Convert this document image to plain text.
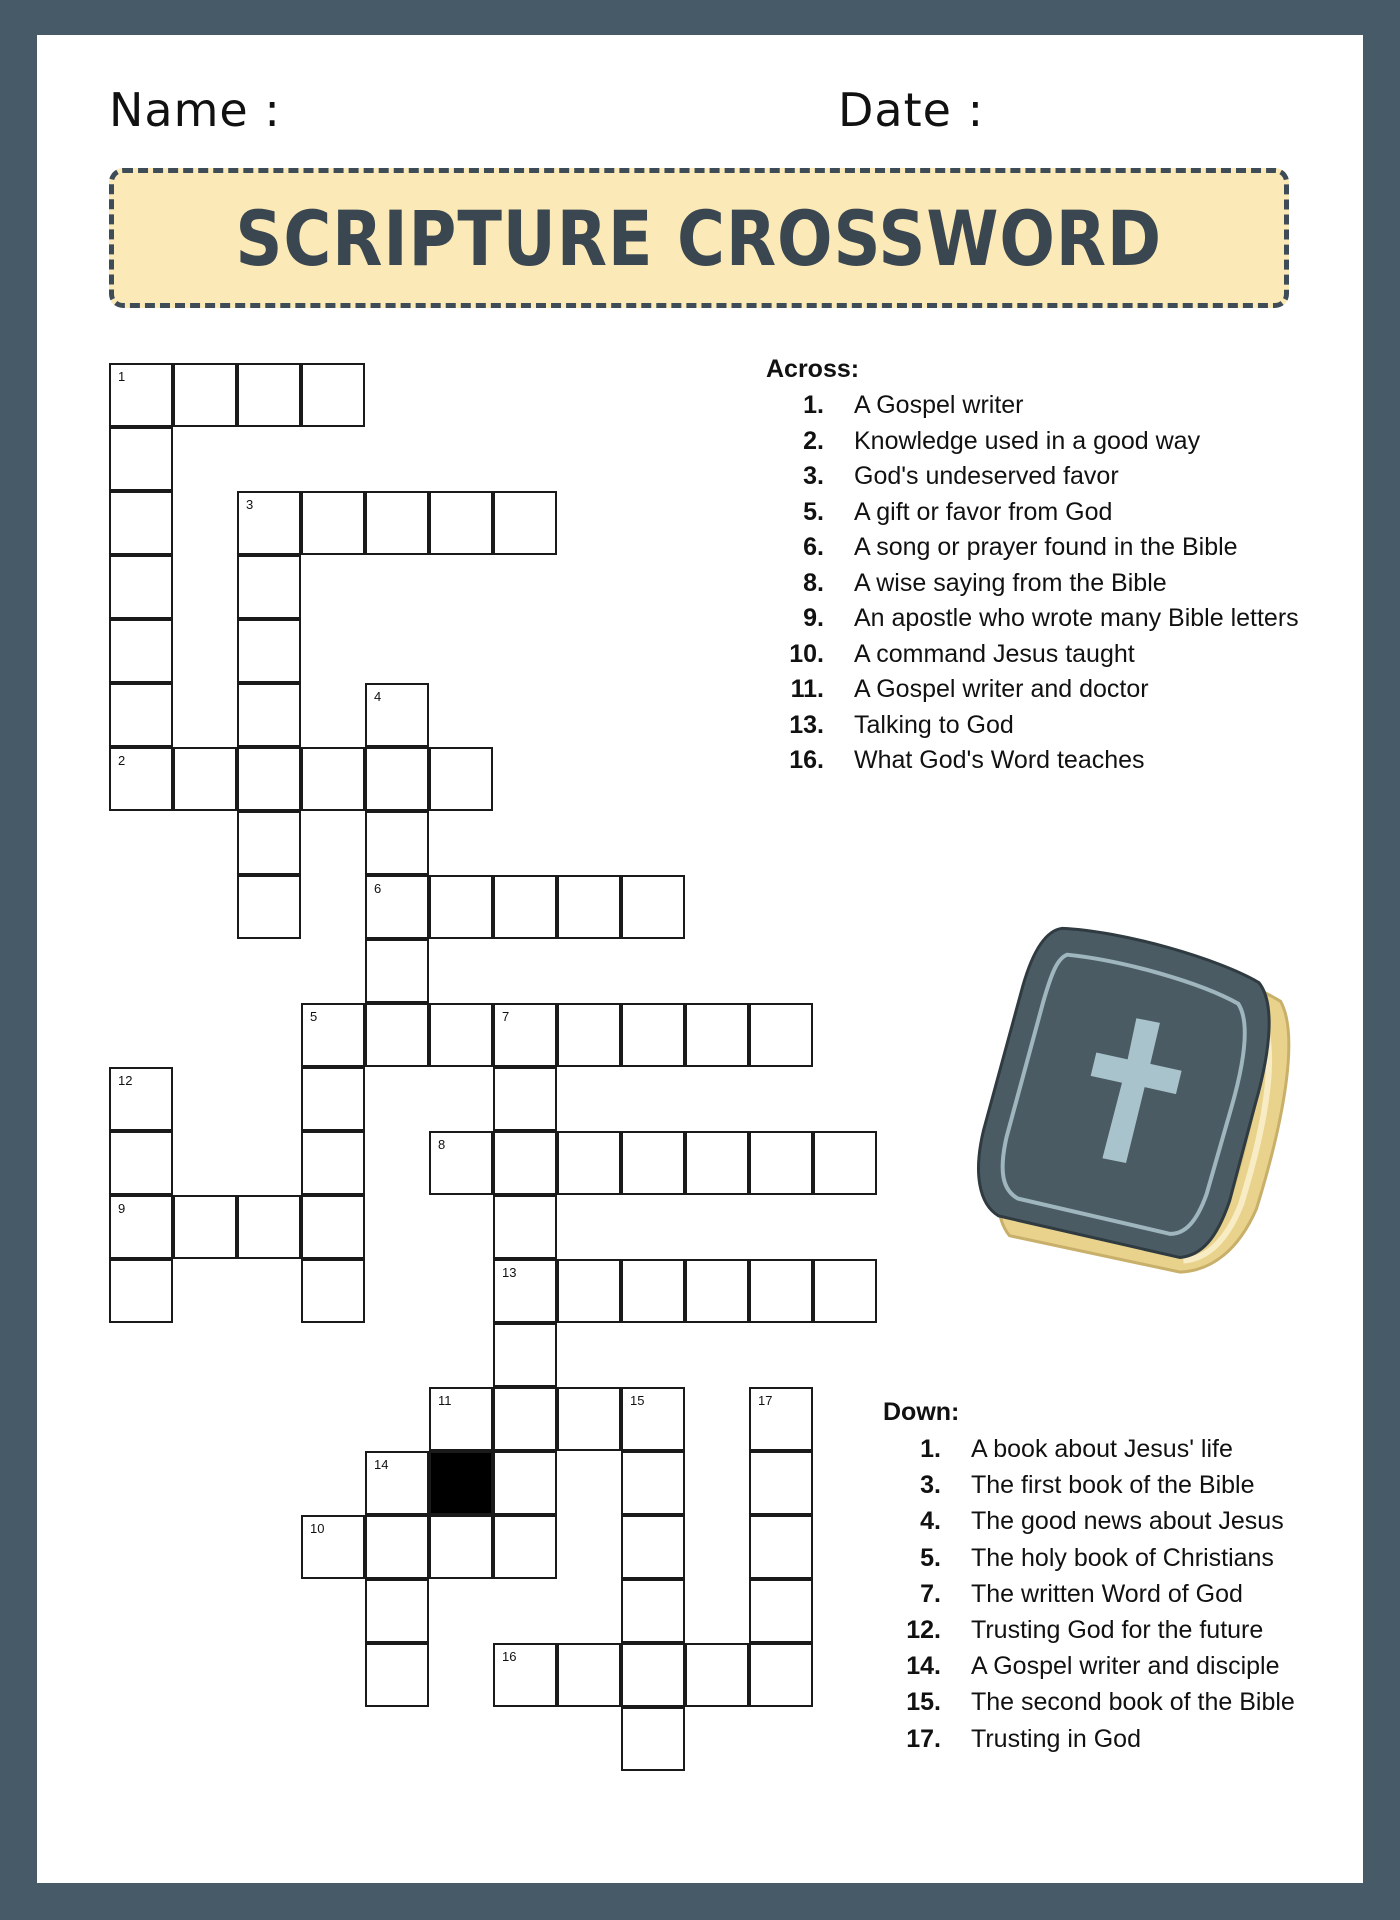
Name :	Date :
SCRIPTURE CROSSWORD
1
3
4
2
6
5	7
12
8
9
13
11	15	17
14
10
16
Across:
1.	A Gospel writer
2.	Knowledge used in a good way
3.	God's undeserved favor
5.	A gift or favor from God
6.	A song or prayer found in the Bible
8.	A wise saying from the Bible
9.	An apostle who wrote many Bible letters
10.	A command Jesus taught
11.	A Gospel writer and doctor
13.	Talking to God
16.	What God's Word teaches
Down:
1.	A book about Jesus' life
3.	The first book of the Bible
4.	The good news about Jesus
5.	The holy book of Christians
7.	The written Word of God
12.	Trusting God for the future
14.	A Gospel writer and disciple
15.	The second book of the Bible
17.	Trusting in God
